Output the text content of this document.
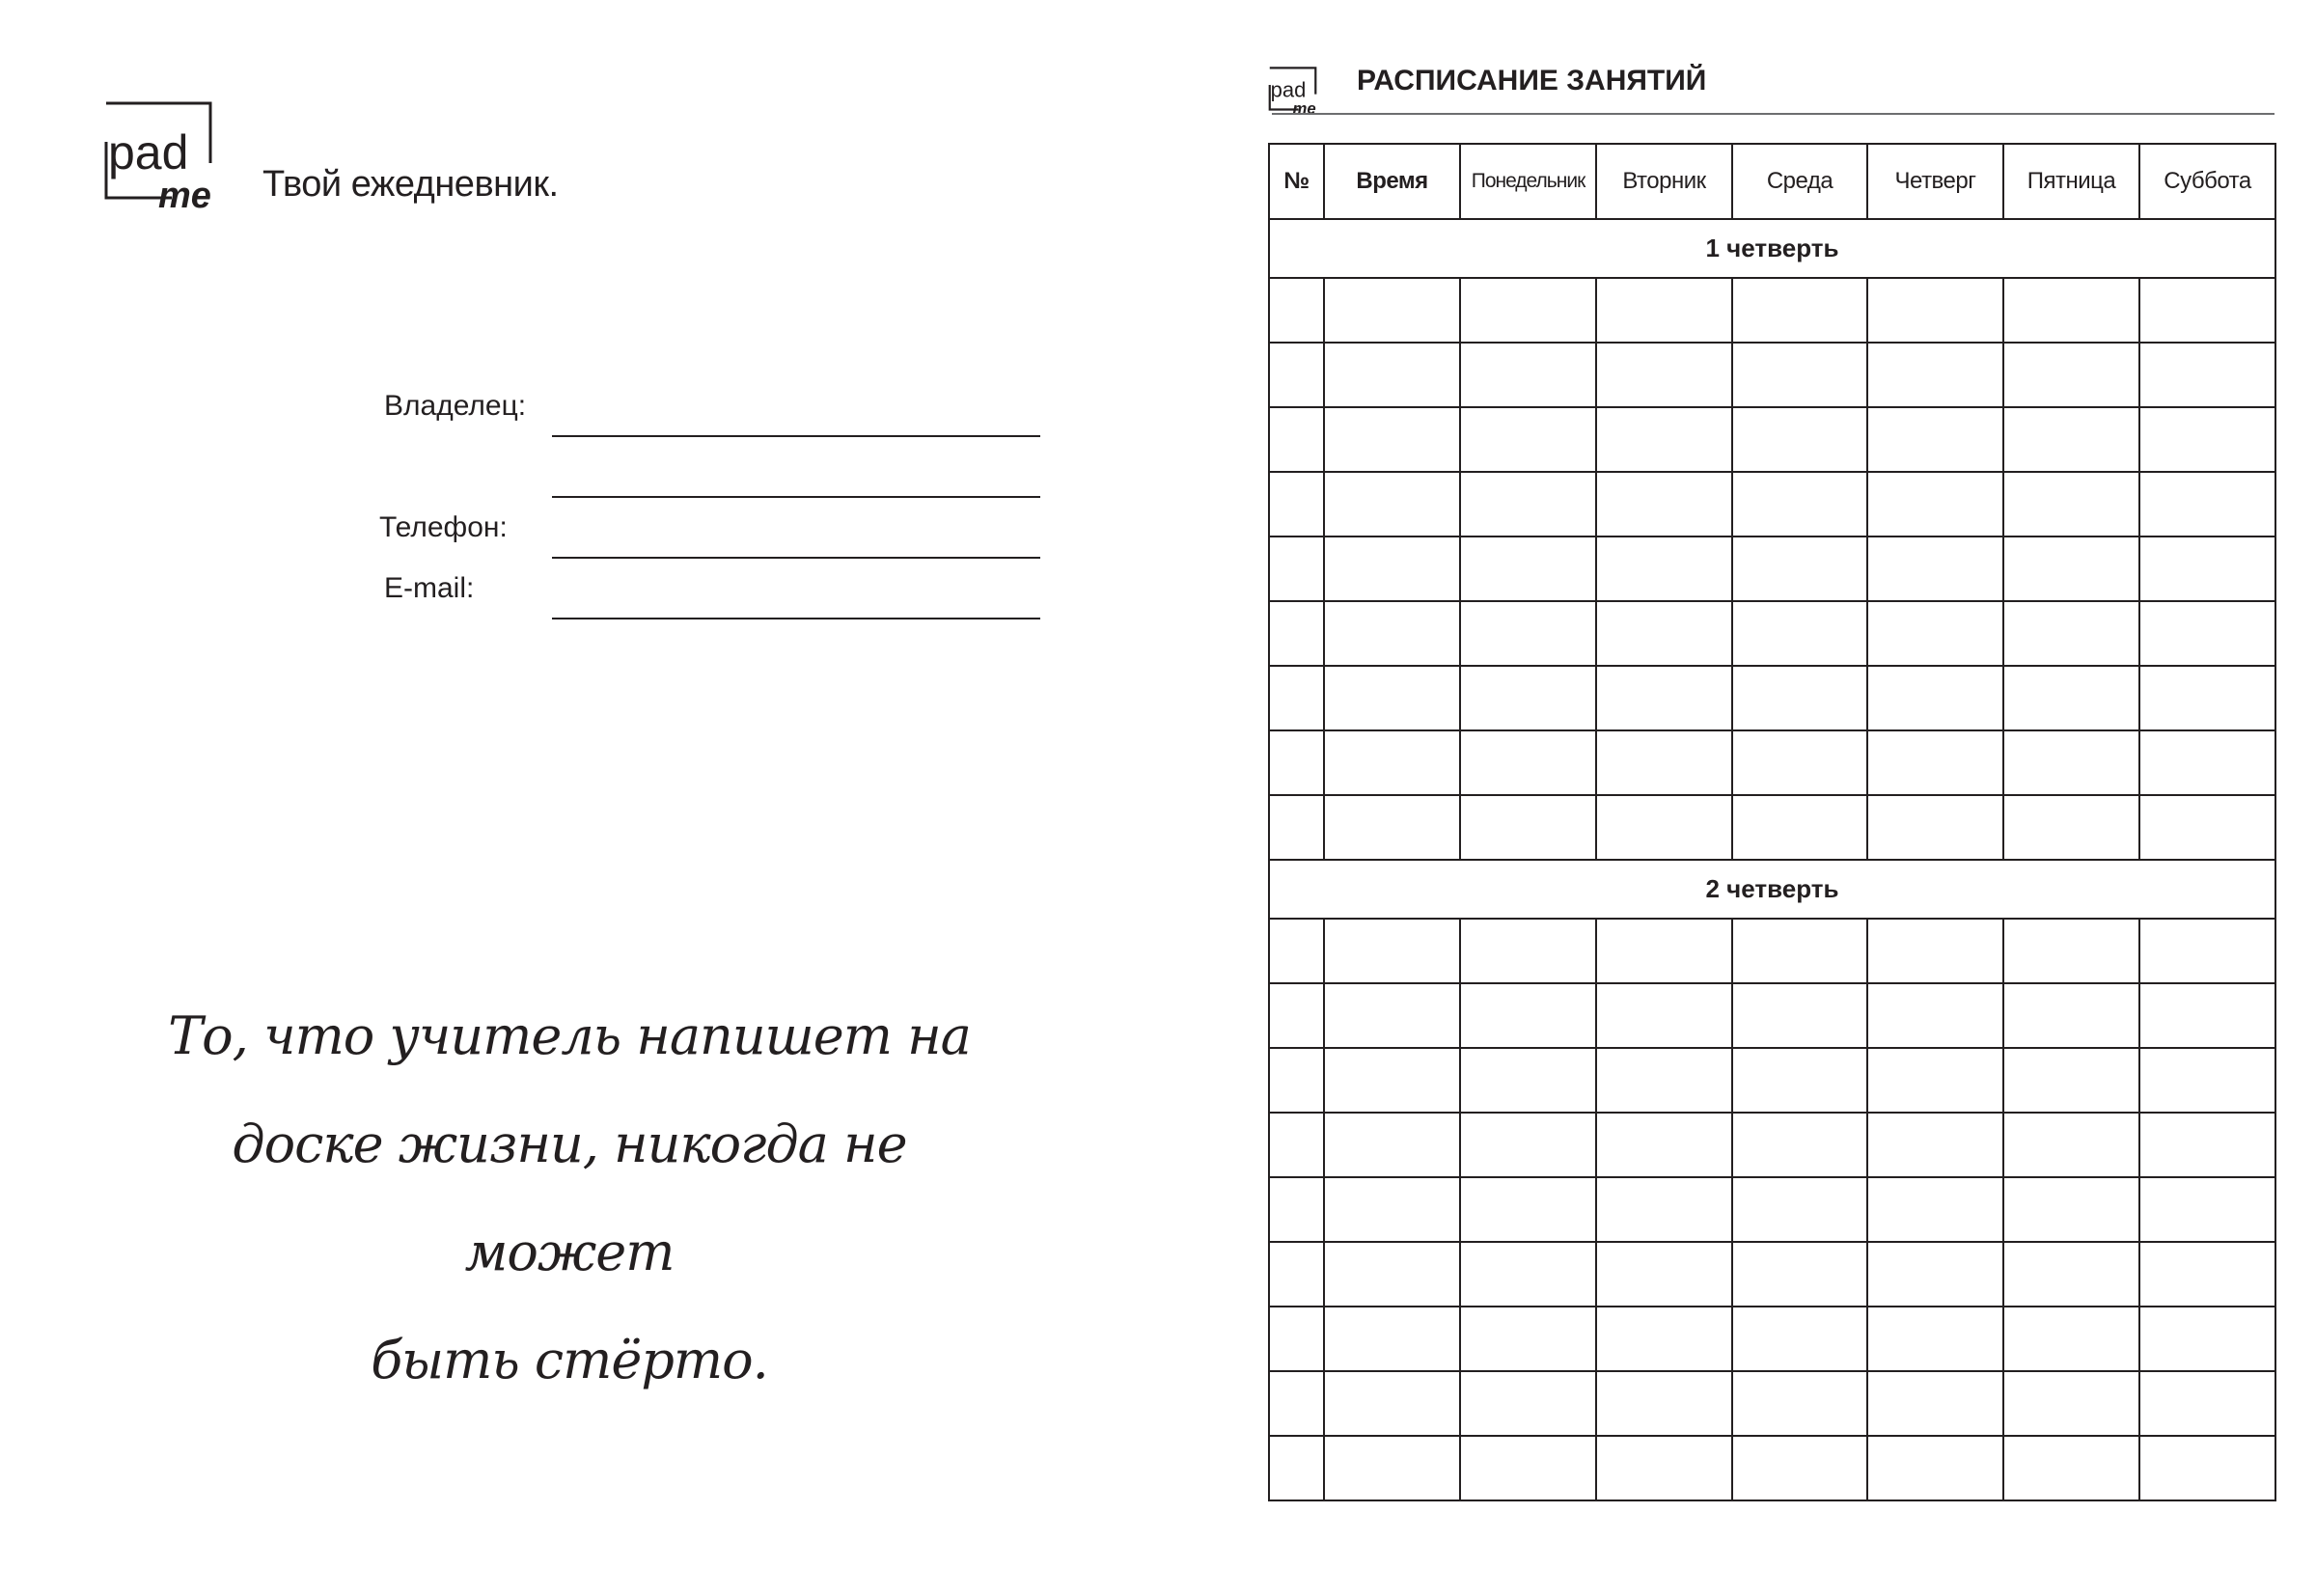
pad
me Твой ежедневник.
Владелец:
Телефон:
E-mail:
То, что учитель напишет на
доске жизни, никогда не может
быть стёрто.
pad
me
РАСПИСАНИЕ ЗАНЯТИЙ
№	Время	Понедельник	Вторник	Среда	Четверг	Пятница	Суббота
1 четверть							

2 четверть							
